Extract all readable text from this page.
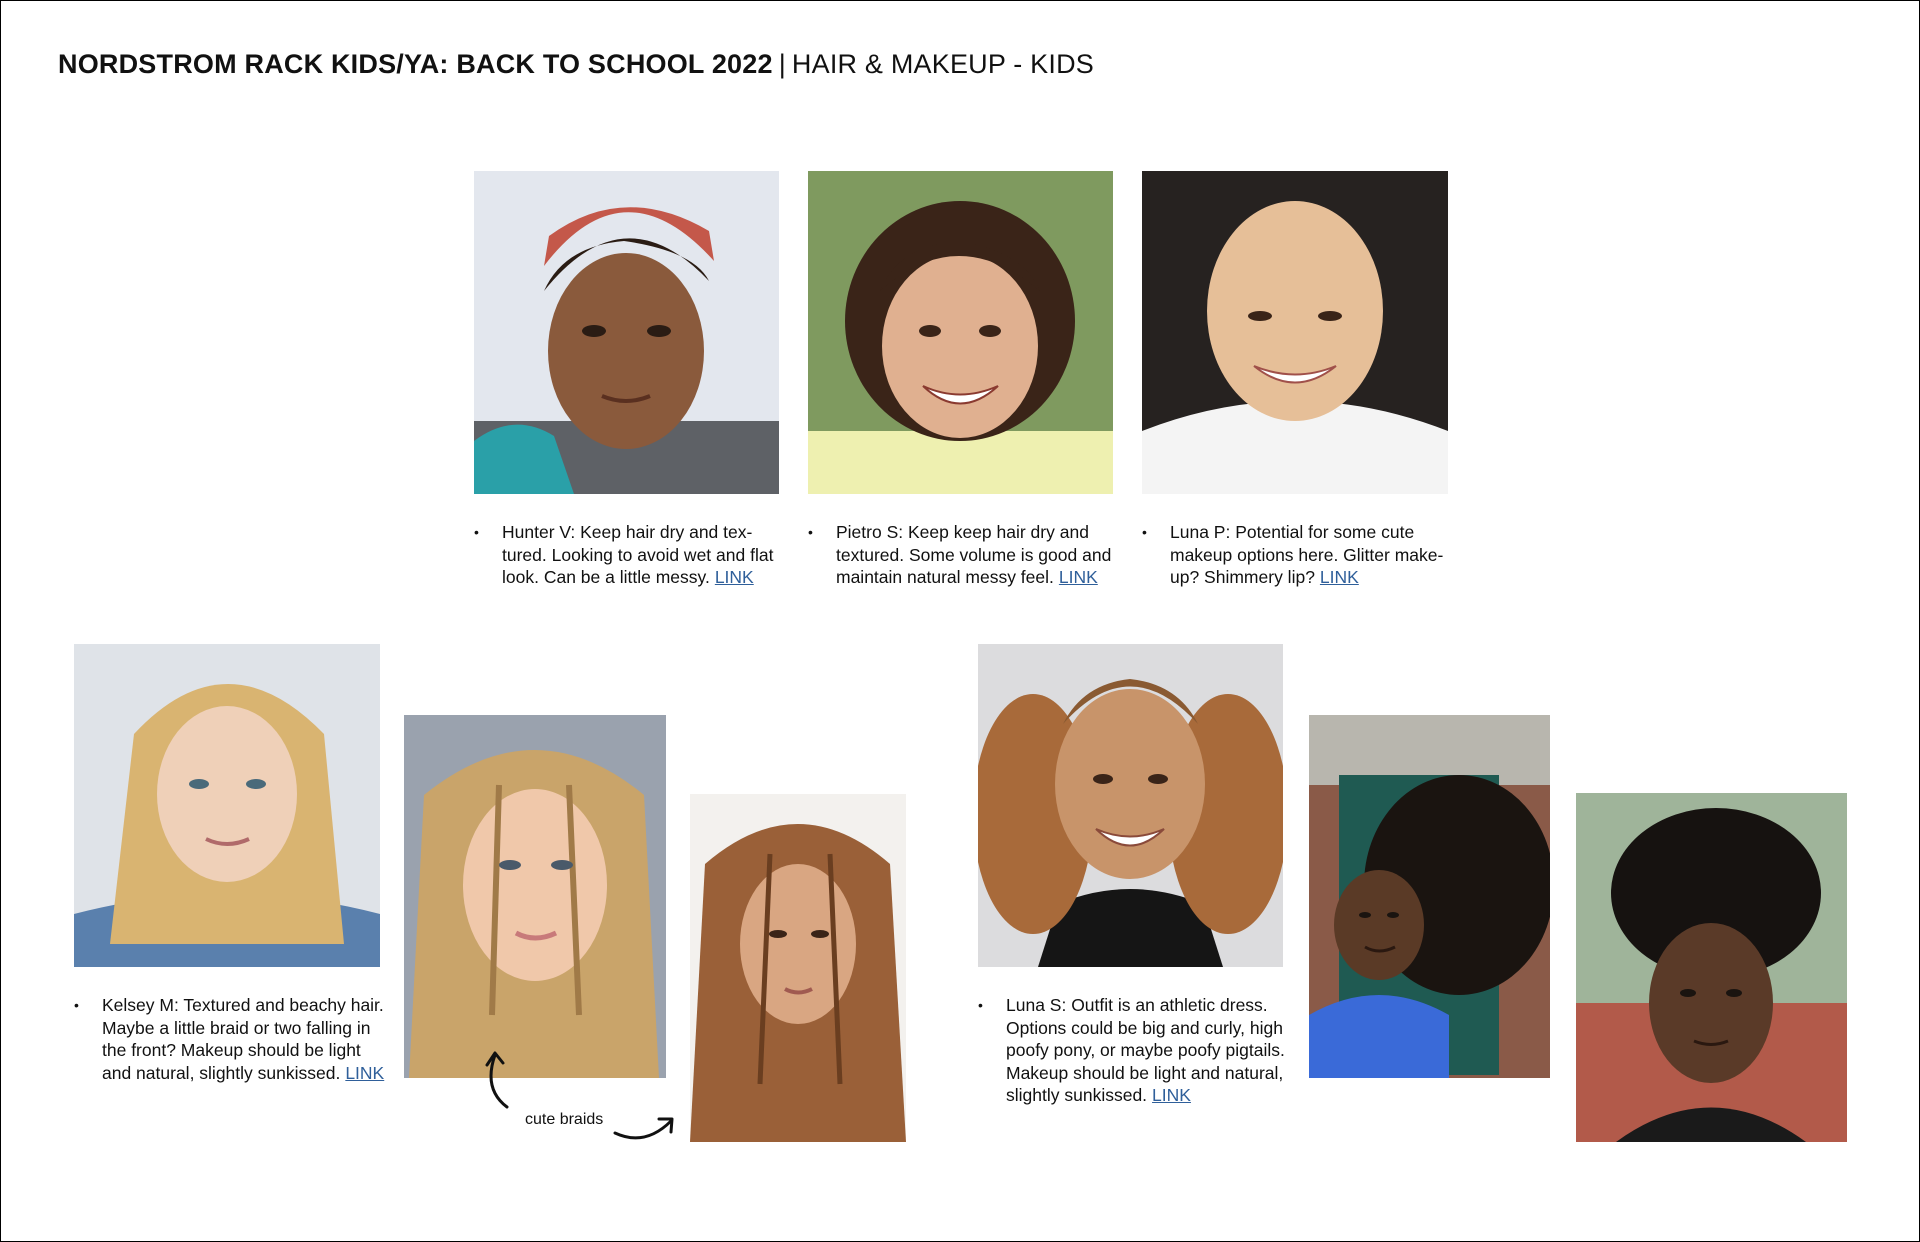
NORDSTROM RACK KIDS/YA: BACK TO SCHOOL 2022 | HAIR & MAKEUP - KIDS
• Hunter V: Keep hair dry and tex-
tured. Looking to avoid wet and flat
look. Can be a little messy. LINK
• Pietro S: Keep keep hair dry and
textured. Some volume is good and
maintain natural messy feel. LINK
• Luna P: Potential for some cute
makeup options here. Glitter make-
up? Shimmery lip? LINK
• Kelsey M: Textured and beachy hair.
Maybe a little braid or two falling in
the front? Makeup should be light
and natural, slightly sunkissed. LINK
cute braids
• Luna S: Outfit is an athletic dress.
Options could be big and curly, high
poofy pony, or maybe poofy pigtails.
Makeup should be light and natural,
slightly sunkissed. LINK
